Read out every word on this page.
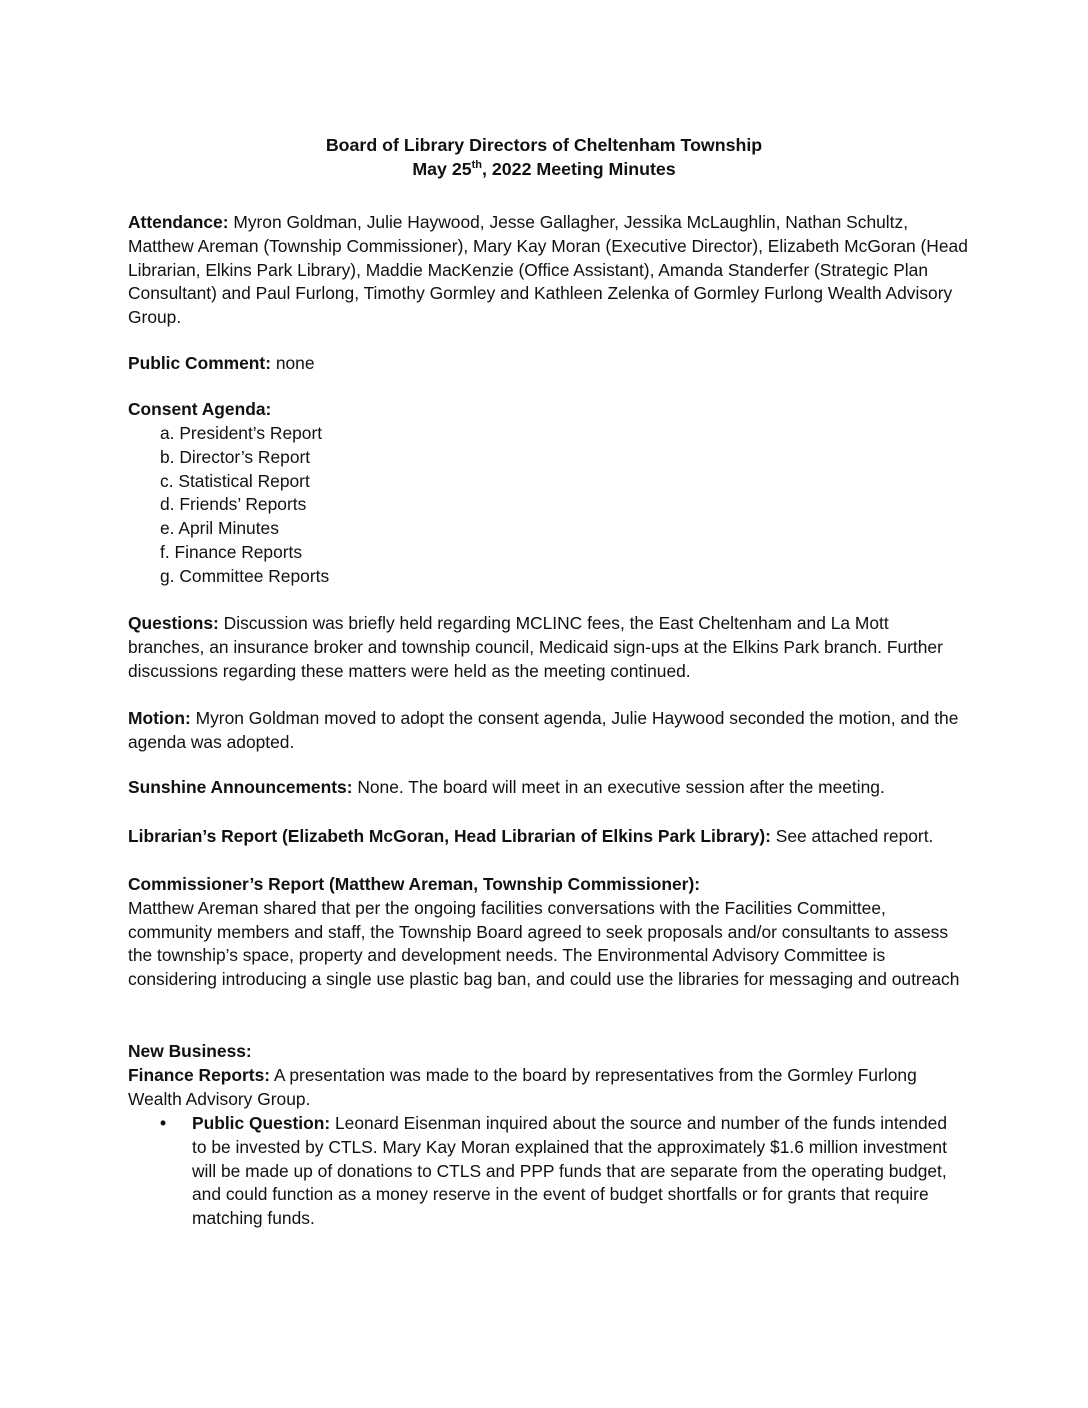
Board of Library Directors of Cheltenham Township
May 25th, 2022 Meeting Minutes
Attendance: Myron Goldman, Julie Haywood, Jesse Gallagher, Jessika McLaughlin, Nathan Schultz, Matthew Areman (Township Commissioner), Mary Kay Moran (Executive Director), Elizabeth McGoran (Head Librarian, Elkins Park Library), Maddie MacKenzie (Office Assistant), Amanda Standerfer (Strategic Plan Consultant) and Paul Furlong, Timothy Gormley and Kathleen Zelenka of Gormley Furlong Wealth Advisory Group.
Public Comment: none
Consent Agenda:
a. President’s Report
b. Director’s Report
c. Statistical Report
d. Friends’ Reports
e. April Minutes
f. Finance Reports
g. Committee Reports
Questions: Discussion was briefly held regarding MCLINC fees, the East Cheltenham and La Mott branches, an insurance broker and township council, Medicaid sign-ups at the Elkins Park branch. Further discussions regarding these matters were held as the meeting continued.
Motion: Myron Goldman moved to adopt the consent agenda, Julie Haywood seconded the motion, and the agenda was adopted.
Sunshine Announcements: None. The board will meet in an executive session after the meeting.
Librarian’s Report (Elizabeth McGoran, Head Librarian of Elkins Park Library): See attached report.
Commissioner’s Report (Matthew Areman, Township Commissioner):
Matthew Areman shared that per the ongoing facilities conversations with the Facilities Committee, community members and staff, the Township Board agreed to seek proposals and/or consultants to assess the township’s space, property and development needs. The Environmental Advisory Committee is considering introducing a single use plastic bag ban, and could use the libraries for messaging and outreach
New Business:
Finance Reports: A presentation was made to the board by representatives from the Gormley Furlong Wealth Advisory Group.
• Public Question: Leonard Eisenman inquired about the source and number of the funds intended to be invested by CTLS. Mary Kay Moran explained that the approximately $1.6 million investment will be made up of donations to CTLS and PPP funds that are separate from the operating budget, and could function as a money reserve in the event of budget shortfalls or for grants that require matching funds.
